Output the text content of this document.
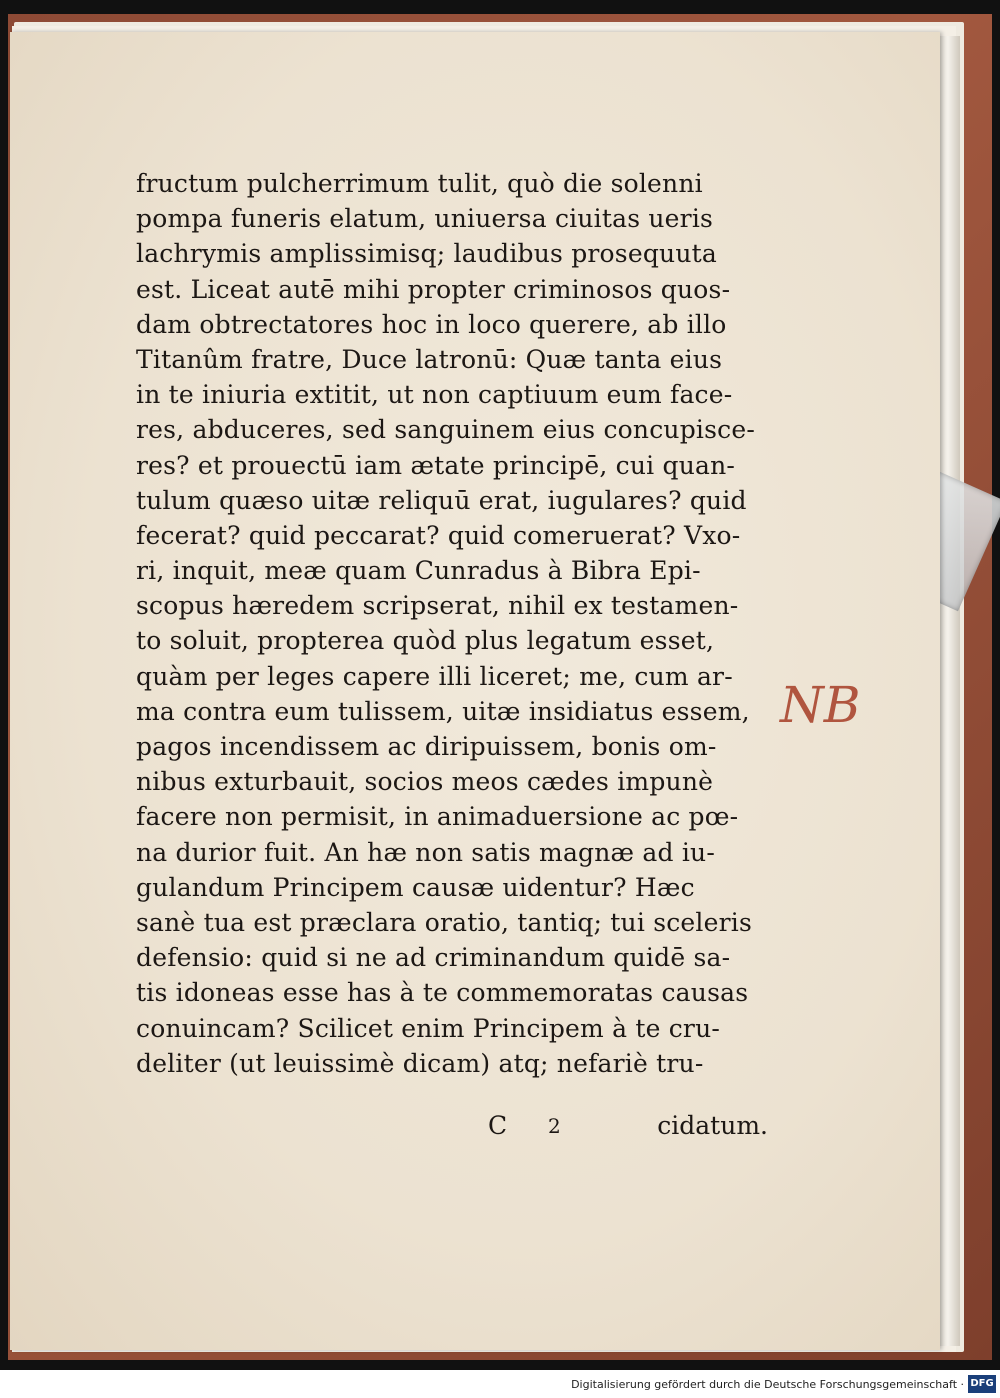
fructum pulcherrimum tulit, quò die solenni
pompa funeris elatum, uniuersa ciuitas ueris
lachrymis amplissimisq; laudibus prosequuta
est. Liceat autē mihi propter criminosos quos-
dam obtrectatores hoc in loco querere, ab illo
Titanûm fratre, Duce latronū: Quæ tanta eius
in te iniuria extitit, ut non captiuum eum face-
res, abduceres, sed sanguinem eius concupisce-
res? et prouectū iam ætate principē, cui quan-
tulum quæso uitæ reliquū erat, iugulares? quid
fecerat? quid peccarat? quid comeruerat? Vxo-
ri, inquit, meæ quam Cunradus à Bibra Epi-
scopus hæredem scripserat, nihil ex testamen-
to soluit, propterea quòd plus legatum esset,
quàm per leges capere illi liceret; me, cum ar-
ma contra eum tulissem, uitæ insidiatus essem,
pagos incendissem ac diripuissem, bonis om-
nibus exturbauit, socios meos cædes impunè
facere non permisit, in animaduersione ac pœ-
na durior fuit. An hæ non satis magnæ ad iu-
gulandum Principem causæ uidentur? Hæc
sanè tua est præclara oratio, tantiq; tui sceleris
defensio: quid si ne ad criminandum quidē sa-
tis idoneas esse has à te commemoratas causas
conuincam? Scilicet enim Principem à te cru-
deliter (ut leuissimè dicam) atq; nefariè tru-
C 2	cidatum.
NB
Digitalisierung gefördert durch die Deutsche Forschungsgemeinschaft · DFG
